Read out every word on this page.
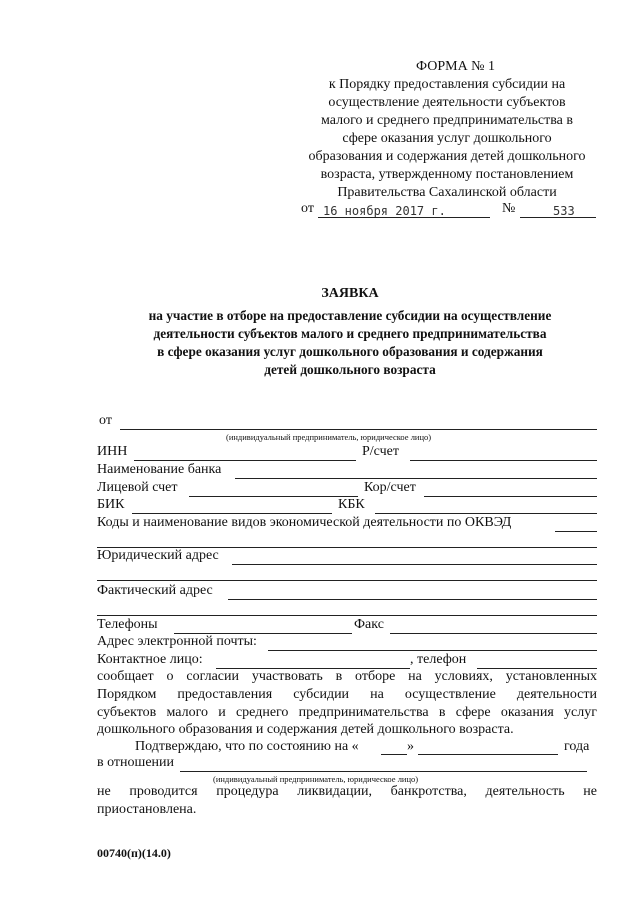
ФОРМА № 1
к Порядку предоставления субсидии на
осуществление деятельности субъектов
малого и среднего предпринимательства в
сфере оказания услуг дошкольного
образования и содержания детей дошкольного
возраста, утвержденному постановлением
Правительства Сахалинской области
от 16 ноября 2017 г.	№	533
ЗАЯВКА
на участие в отборе на предоставление субсидии на осуществление
деятельности субъектов малого и среднего предпринимательства
в сфере оказания услуг дошкольного образования и содержания
детей дошкольного возраста
от
(индивидуальный предприниматель, юридическое лицо)
ИНН	Р/счет
Наименование банка
Лицевой счет	Кор/счет
БИК	КБК
Коды и наименование видов экономической деятельности по ОКВЭД
Юридический адрес
Фактический адрес
Телефоны	Факс
Адрес электронной почты:
Контактное лицо:	, телефон
сообщает о согласии участвовать в отборе на условиях, установленных
Порядком предоставления субсидии на осуществление деятельности
субъектов малого и среднего предпринимательства в сфере оказания услуг
дошкольного образования и содержания детей дошкольного возраста.
Подтверждаю, что по состоянию на «	»	года
в отношении
(индивидуальный предприниматель, юридическое лицо)
не проводится процедура ликвидации, банкротства, деятельность не
приостановлена.
00740(п)(14.0)
